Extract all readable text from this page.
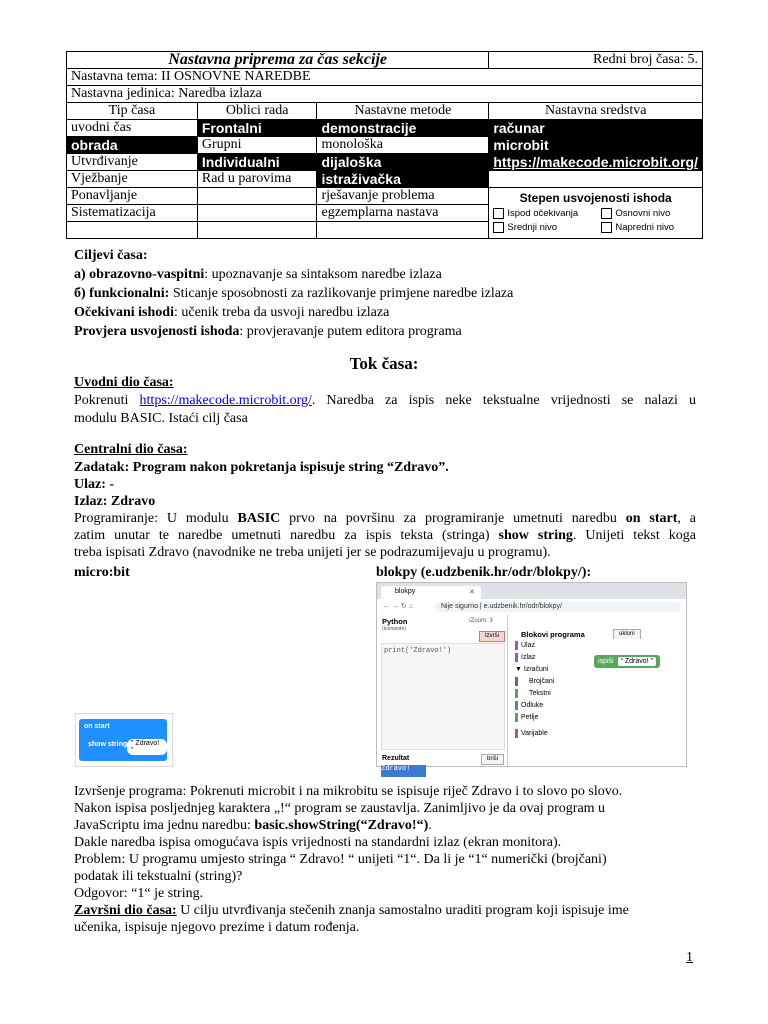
Nastavna priprema za čas sekcije			Redni broj časa: 5.
Nastavna tema: II OSNOVNE NAREDBE			
Nastavna jedinica: Naredba izlaza			
Tip časa	Oblici rada	Nastavne metode	Nastavna sredstva
uvodni čas	Frontalni	demonstracije	računar
obrada	Grupni	monološka	microbit
Utvrđivanje	Individualni	dijaloška	https://makecode.microbit.org/
Vježbanje	Rad u parovima	istraživačka	
Ponavljanje		rješavanje problema	Stepen usvojenosti ishoda
Ispod očekivanja Osnovni nivo
Srednji nivo Napredni nivo

Sistematizacija		egzemplarna nastava	

Ciljevi časa:
a) obrazovno-vaspitni: upoznavanje sa sintaksom naredbe izlaza
б) funkcionalni: Sticanje sposobnosti za razlikovanje primjene naredbe izlaza
Očekivani ishodi: učenik treba da usvoji naredbu izlaza
Provjera usvojenosti ishoda: provjeravanje putem editora programa
Tok časa:
Uvodni dio časa:
Pokrenuti https://makecode.microbit.org/. Naredba za ispis neke tekstualne vrijednosti se nalazi u
modulu BASIC. Istaći cilj časa
Centralni dio časa:
Zadatak: Program nakon pokretanja ispisuje string “Zdravo”.
Ulaz: -
Izlaz: Zdravo
Programiranje: U modulu BASIC prvo na površinu za programiranje umetnuti naredbu on start, a
zatim unutar te naredbe umetnuti naredbu za ispis teksta (stringa) show string. Unijeti tekst koga
treba ispisati Zdravo (navodnike ne treba unijeti jer se podrazumijevaju u programu).
micro:bit	blokpy (e.udzbenik.hr/odr/blokpy/):
on start
show string " Zdravo! "
blokpy	✕
← → ↻ ⌂	Nije sigurno | e.udzbenik.hr/odr/blokpy/
Python
(komande)
/Zoom: 3
Izvrši
print('Zdravo!')
Rezultat	briši
Zdravo!
Blokovi programa	ukloni
Ulaz
Izlaz
▼ Izračuni
Brojčani
Tekstni
Odluke
Petlje
Varijable
ispiši “ Zdravo! ”
Izvršenje programa: Pokrenuti microbit i na mikrobitu se ispisuje riječ Zdravo i to slovo po slovo.
Nakon ispisa posljednjeg karaktera „!“ program se zaustavlja. Zanimljivo je da ovaj program u
JavaScriptu ima jednu naredbu: basic.showString(“Zdravo!“).
Dakle naredba ispisa omogućava ispis vrijednosti na standardni izlaz (ekran monitora).
Problem: U programu umjesto stringa “ Zdravo! “ unijeti “1“. Da li je “1“ numerički (brojčani)
podatak ili tekstualni (string)?
Odgovor: “1“ je string.
Završni dio časa: U cilju utvrđivanja stečenih znanja samostalno uraditi program koji ispisuje ime
učenika, ispisuje njegovo prezime i datum rođenja.
1
